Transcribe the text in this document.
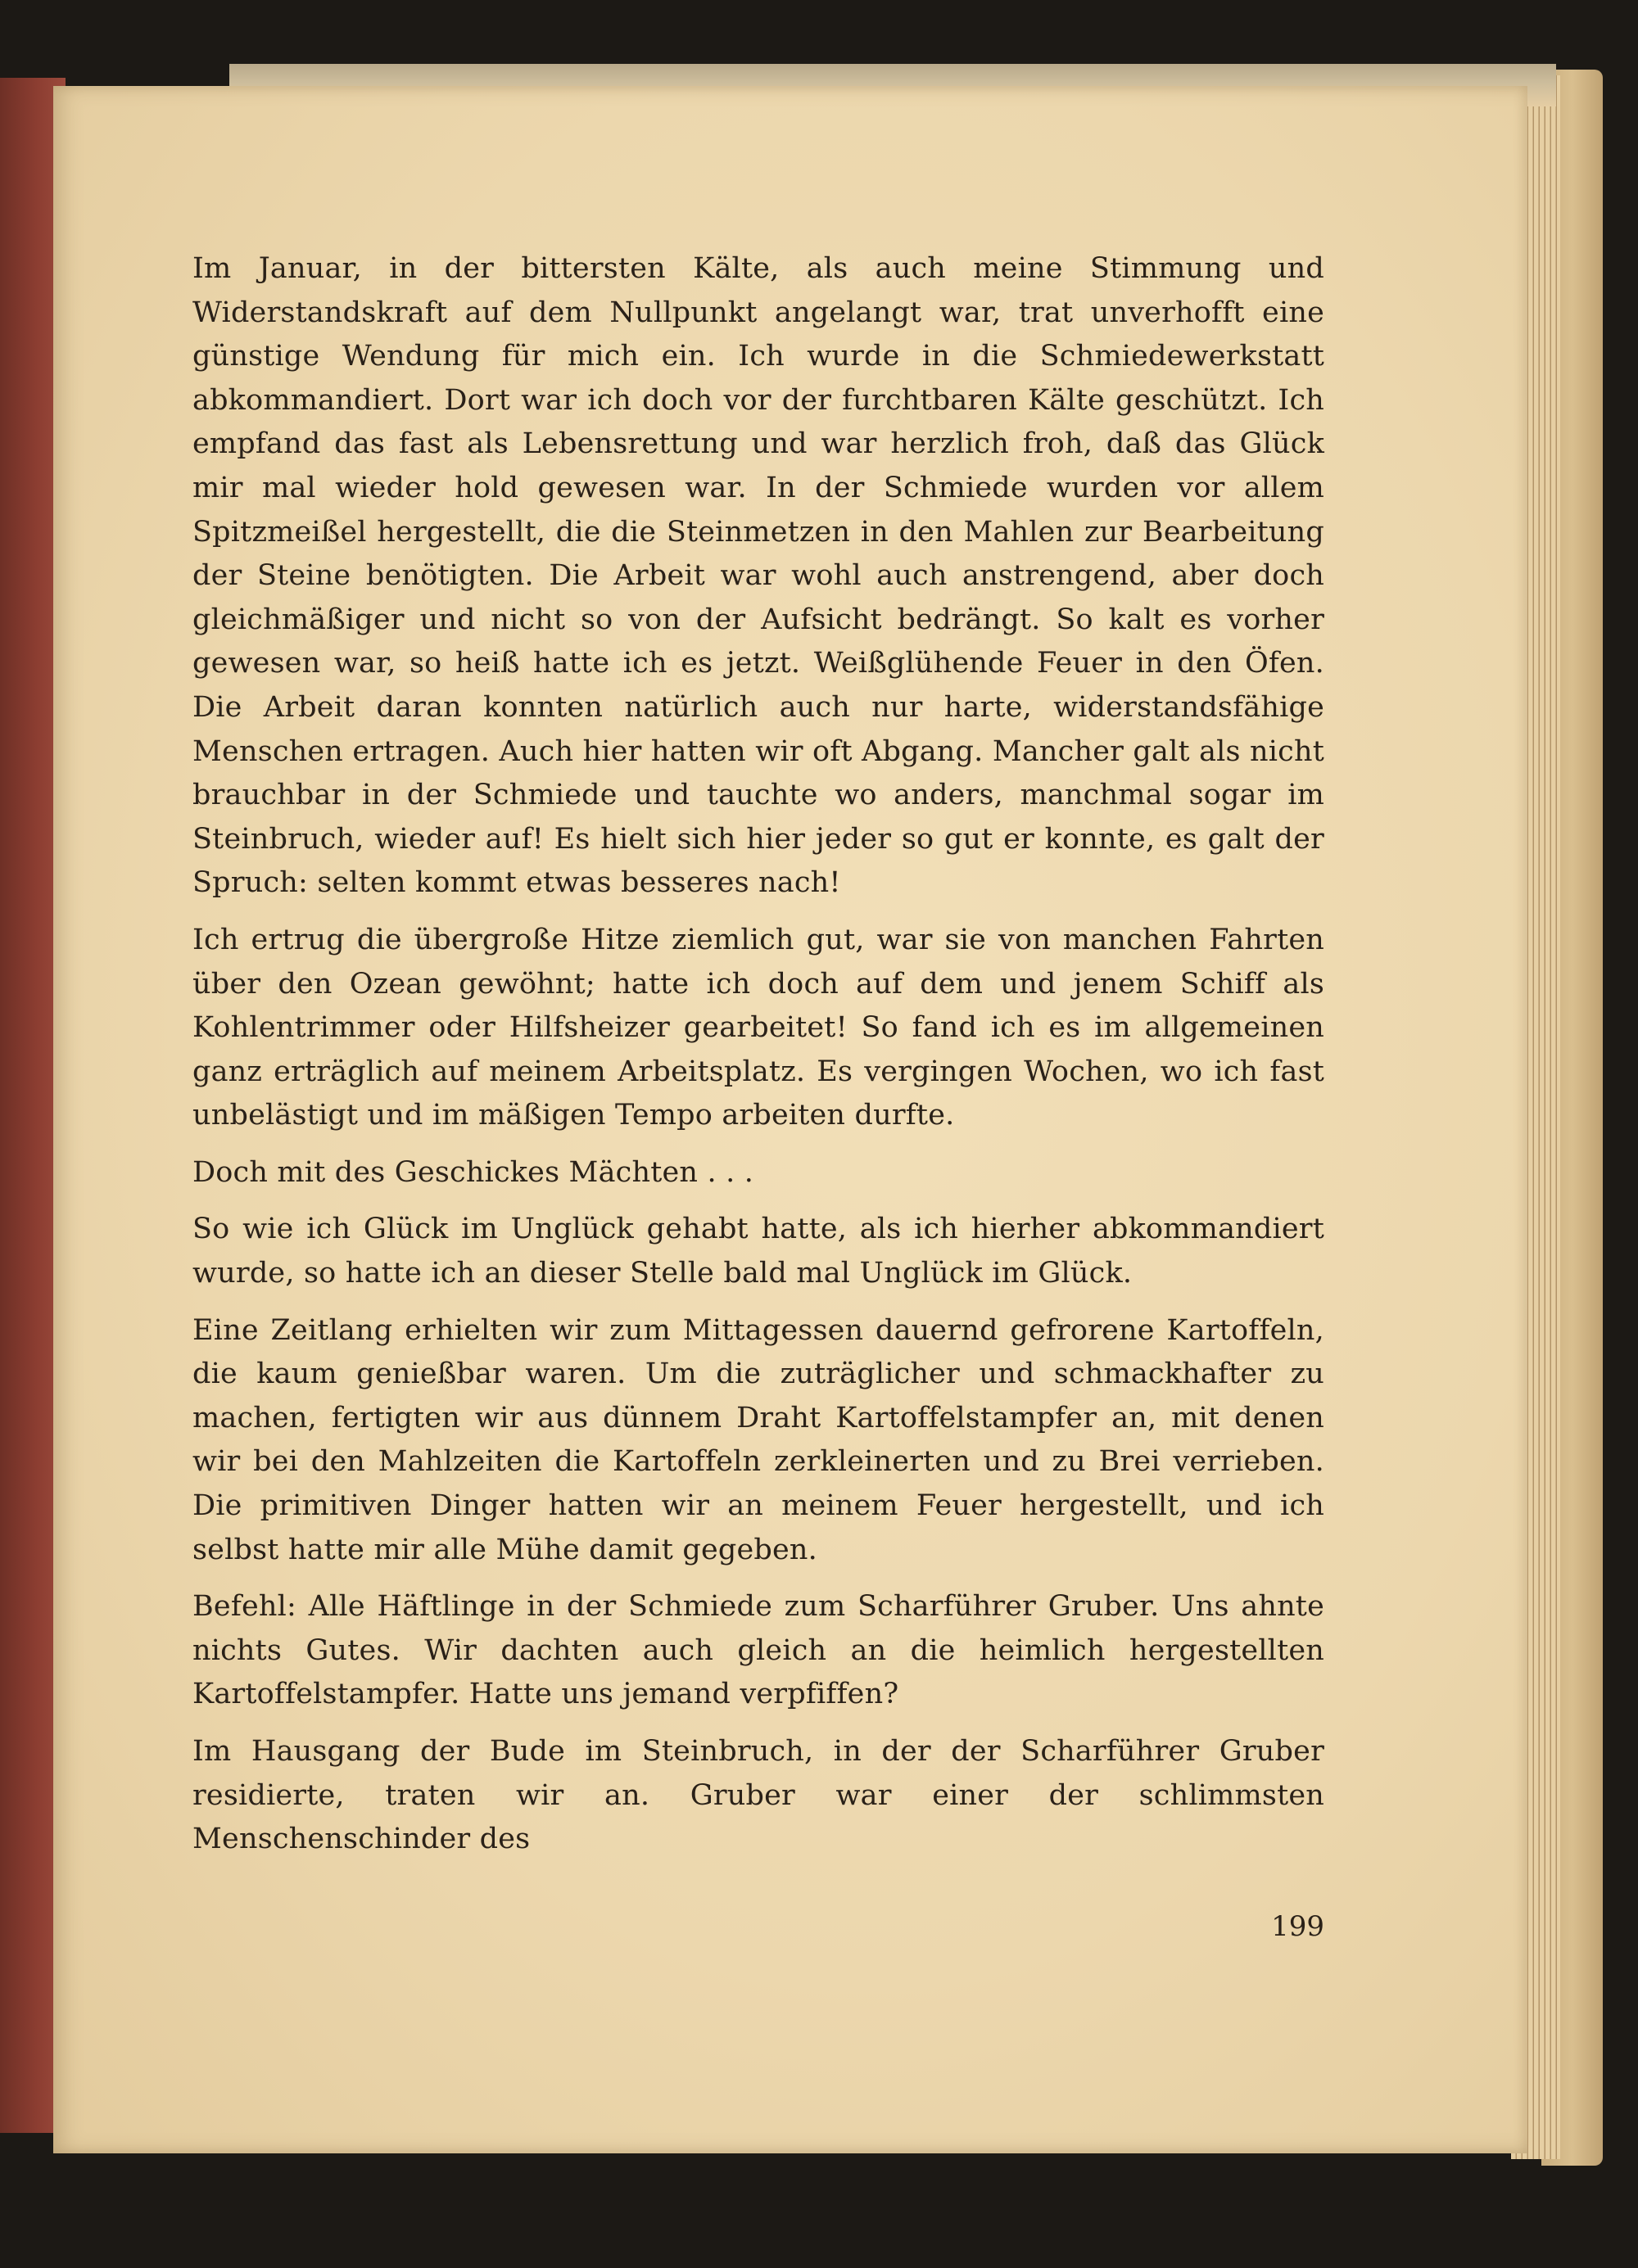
Im Januar, in der bittersten Kälte, als auch meine Stimmung und Widerstandskraft auf dem Nullpunkt angelangt war, trat unverhofft eine günstige Wendung für mich ein. Ich wurde in die Schmiedewerkstatt abkommandiert. Dort war ich doch vor der furchtbaren Kälte geschützt. Ich empfand das fast als Lebensrettung und war herzlich froh, daß das Glück mir mal wieder hold gewesen war. In der Schmiede wurden vor allem Spitzmeißel hergestellt, die die Steinmetzen in den Mahlen zur Bearbeitung der Steine benötigten. Die Arbeit war wohl auch anstrengend, aber doch gleichmäßiger und nicht so von der Aufsicht bedrängt. So kalt es vorher gewesen war, so heiß hatte ich es jetzt. Weißglühende Feuer in den Öfen. Die Arbeit daran konnten natürlich auch nur harte, widerstandsfähige Menschen ertragen. Auch hier hatten wir oft Abgang. Mancher galt als nicht brauchbar in der Schmiede und tauchte wo anders, manchmal sogar im Steinbruch, wieder auf! Es hielt sich hier jeder so gut er konnte, es galt der Spruch: selten kommt etwas besseres nach!

Ich ertrug die übergroße Hitze ziemlich gut, war sie von manchen Fahrten über den Ozean gewöhnt; hatte ich doch auf dem und jenem Schiff als Kohlentrimmer oder Hilfsheizer gearbeitet! So fand ich es im allgemeinen ganz erträglich auf meinem Arbeitsplatz. Es vergingen Wochen, wo ich fast unbelästigt und im mäßigen Tempo arbeiten durfte.

Doch mit des Geschickes Mächten . . .

So wie ich Glück im Unglück gehabt hatte, als ich hierher abkommandiert wurde, so hatte ich an dieser Stelle bald mal Unglück im Glück.

Eine Zeitlang erhielten wir zum Mittagessen dauernd gefrorene Kartoffeln, die kaum genießbar waren. Um die zuträglicher und schmackhafter zu machen, fertigten wir aus dünnem Draht Kartoffelstampfer an, mit denen wir bei den Mahlzeiten die Kartoffeln zerkleinerten und zu Brei verrieben. Die primitiven Dinger hatten wir an meinem Feuer hergestellt, und ich selbst hatte mir alle Mühe damit gegeben.

Befehl: Alle Häftlinge in der Schmiede zum Scharführer Gruber. Uns ahnte nichts Gutes. Wir dachten auch gleich an die heimlich hergestellten Kartoffelstampfer. Hatte uns jemand verpfiffen?

Im Hausgang der Bude im Steinbruch, in der der Scharführer Gruber residierte, traten wir an. Gruber war einer der schlimmsten Menschenschinder des

199
